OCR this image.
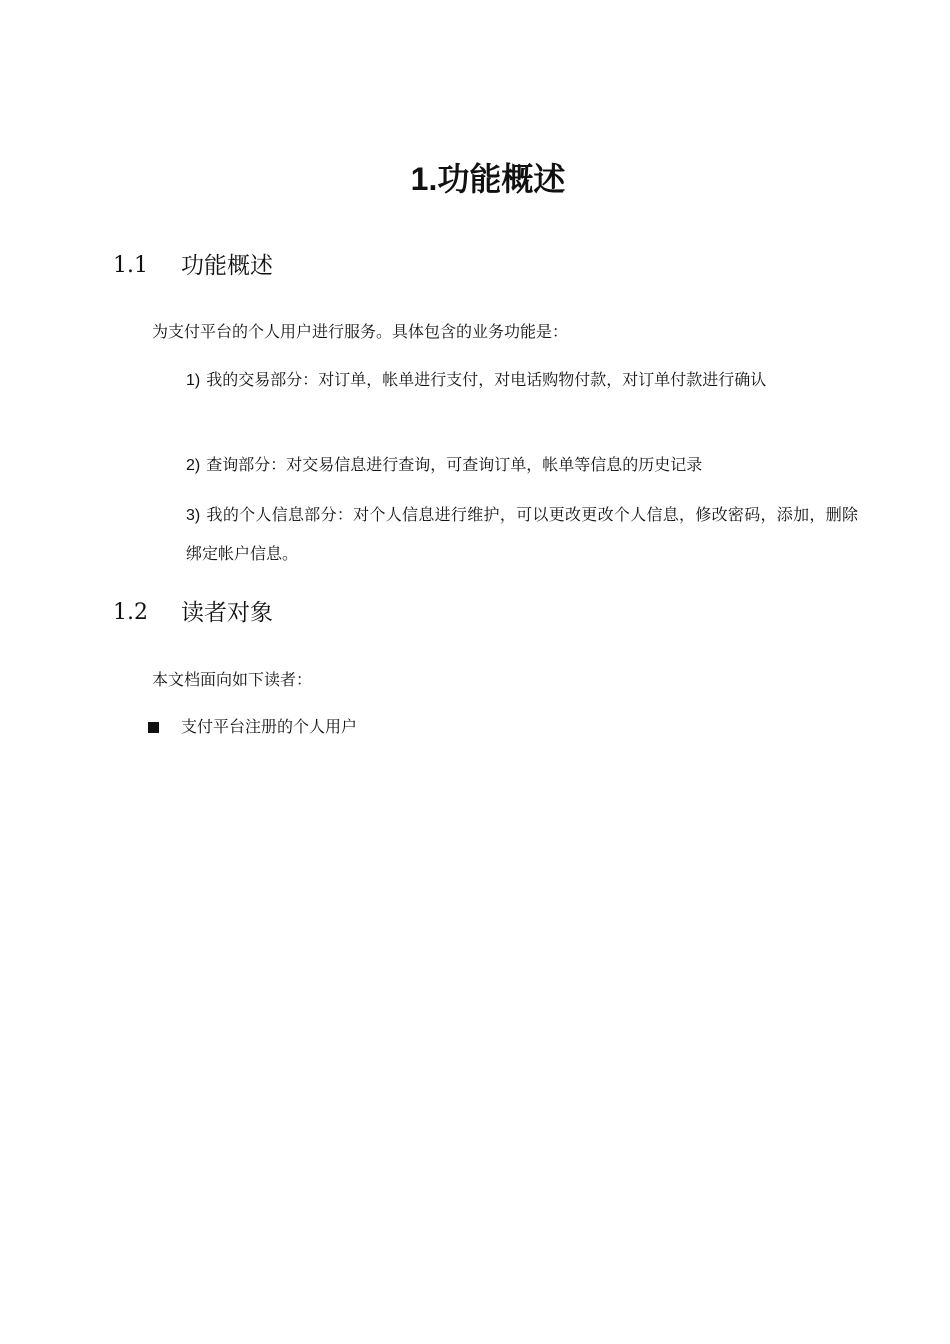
1.功能概述
1.1	功能概述

为支付平台的个人用户进行服务。具体包含的业务功能是：

1) 我的交易部分：对订单，帐单进行支付，对电话购物付款，对订单付款进行确认
2) 查询部分：对交易信息进行查询，可查询订单，帐单等信息的历史记录
3) 我的个人信息部分：对个人信息进行维护，可以更改更改个人信息，修改密码，添加，删除绑定帐户信息。
1.2	读者对象

本文档面向如下读者：

支付平台注册的个人用户
